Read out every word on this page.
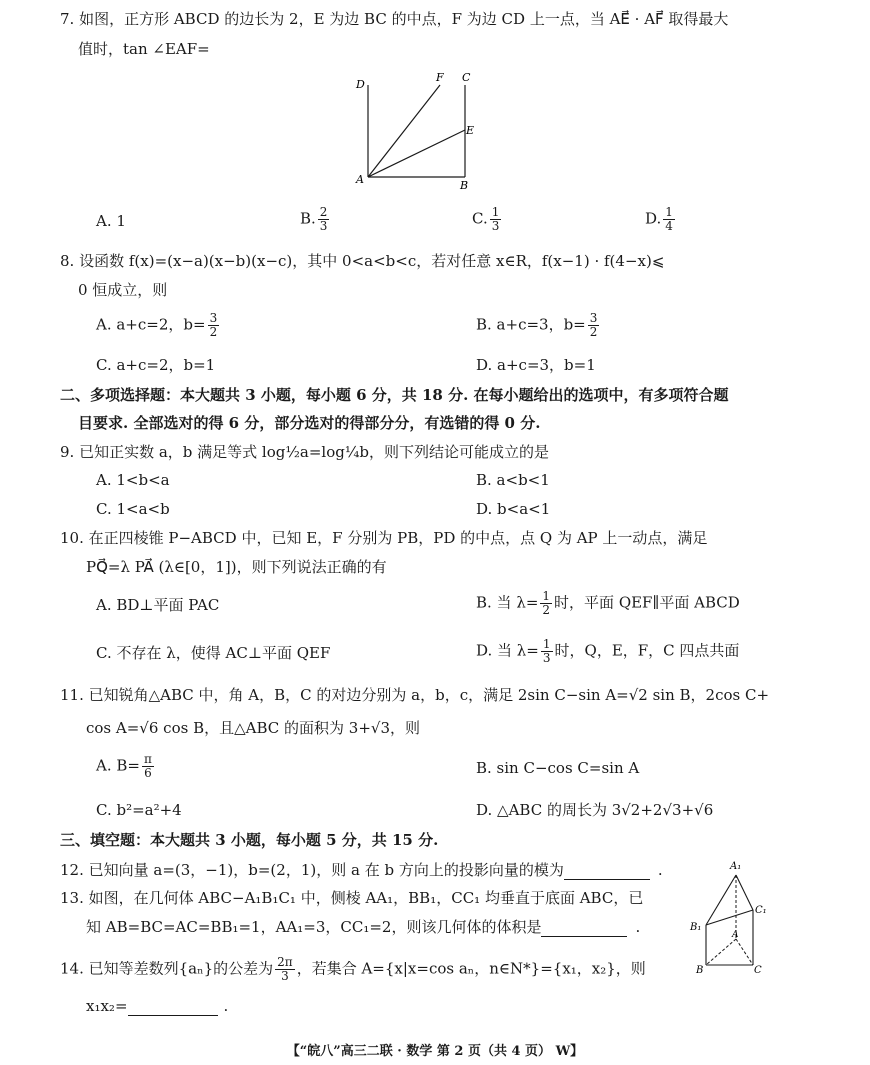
7. 如图，正方形 ABCD 的边长为 2，E 为边 BC 的中点，F 为边 CD 上一点，当 AE⃗ · AF⃗ 取得最大
值时，tan ∠EAF=
D
F C
E
A	B
A. 1	B. $\frac{2}{3}$	C. $\frac{1}{3}$	D. $\frac{1}{4}$
8. 设函数 f(x)=(x−a)(x−b)(x−c)，其中 0<a<b<c，若对任意 x∈R，f(x−1) · f(4−x)⩽
0 恒成立，则
A. a+c=2，$b= \frac{3}{2}$	B. a+c=3，$b= \frac{3}{2}$
C. a+c=2，b=1	D. a+c=3，b=1
二、多项选择题：本大题共 3 小题，每小题 6 分，共 18 分. 在每小题给出的选项中，有多项符合题
目要求. 全部选对的得 6 分，部分选对的得部分分，有选错的得 0 分.
9. 已知正实数 a，b 满足等式 log½a=log¼b，则下列结论可能成立的是
A. 1<b<a	B. a<b<1
C. 1<a<b	D. b<a<1
10. 在正四棱锥 P−ABCD 中，已知 E，F 分别为 PB，PD 的中点，点 Q 为 AP 上一动点，满足
PQ⃗=λ PA⃗ (λ∈[0，1])，则下列说法正确的有
A. BD⊥平面 PAC	B. 当 $\lambda= \frac{1}{2}$ 时，平面 QEF∥平面 ABCD
C. 不存在 λ，使得 AC⊥平面 QEF	D. 当 $\lambda= \frac{1}{3}$ 时，Q，E，F，C 四点共面
11. 已知锐角△ABC 中，角 A，B，C 的对边分别为 a，b，c，满足 2sin C−sin A=√2 sin B，2cos C+
cos A=√6 cos B，且△ABC 的面积为 3+√3，则
A. $B= \frac{\pi}{6}$	B. sin C−cos C=sin A
C. b²=a²+4	D. △ABC 的周长为 3√2+2√3+√6
三、填空题：本大题共 3 小题，每小题 5 分，共 15 分.
12. 已知向量 a=(3，−1)，b=(2，1)，则 a 在 b 方向上的投影向量的模为	.
13. 如图，在几何体 ABC−A₁B₁C₁ 中，侧棱 AA₁，BB₁，CC₁ 均垂直于底面 ABC，已
知 AB=BC=AC=BB₁=1，AA₁=3，CC₁=2，则该几何体的体积是	.
A₁
C₁
B₁
A
B	C
14. 已知等差数列{aₙ}的公差为 $\frac{2\pi}{3}$ ，若集合 A={x|x=cos aₙ，n∈N*}={x₁，x₂}，则
x₁x₂=	.
【“皖八”高三二联 · 数学 第 2 页（共 4 页） W】
